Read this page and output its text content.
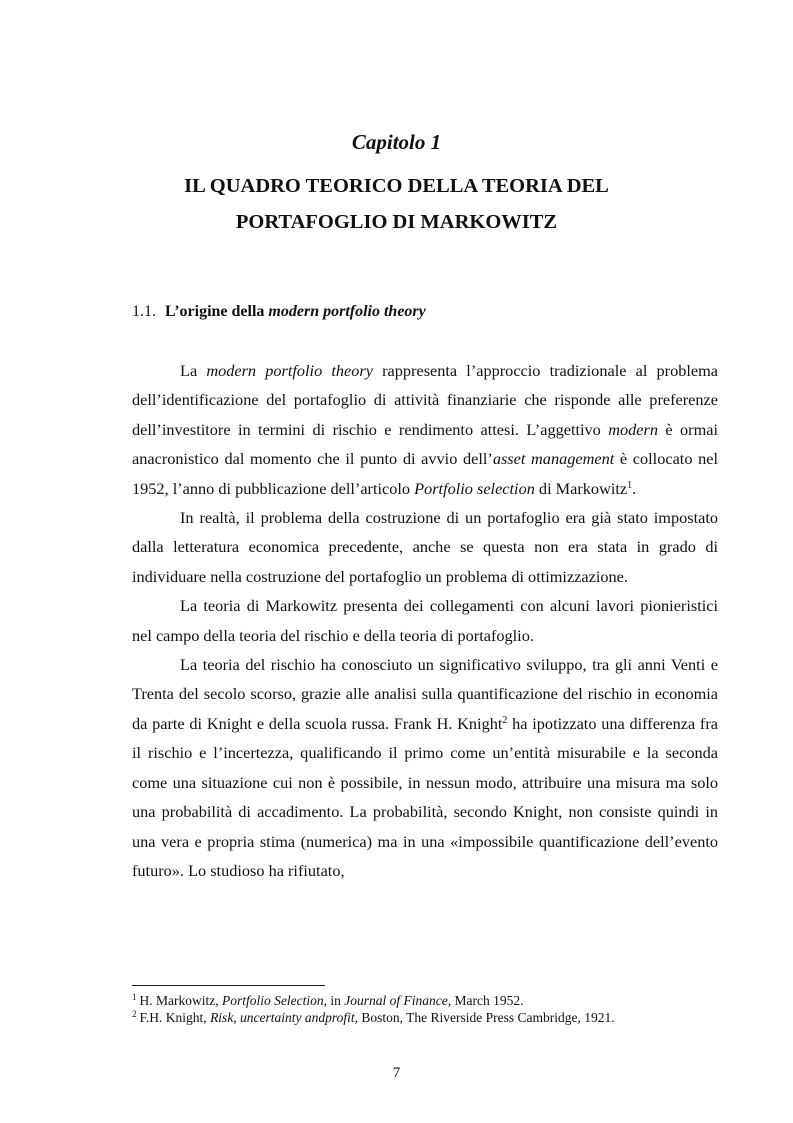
Capitolo 1
IL QUADRO TEORICO DELLA TEORIA DEL
PORTAFOGLIO DI MARKOWITZ
1.1. L’origine della modern portfolio theory

La modern portfolio theory rappresenta l’approccio tradizionale al problema dell’identificazione del portafoglio di attività finanziarie che risponde alle preferenze dell’investitore in termini di rischio e rendimento attesi. L’aggettivo modern è ormai anacronistico dal momento che il punto di avvio dell’asset management è collocato nel 1952, l’anno di pubblicazione dell’articolo Portfolio selection di Markowitz$^1$.

In realtà, il problema della costruzione di un portafoglio era già stato impostato dalla letteratura economica precedente, anche se questa non era stata in grado di individuare nella costruzione del portafoglio un problema di ottimizzazione.

La teoria di Markowitz presenta dei collegamenti con alcuni lavori pionieristici nel campo della teoria del rischio e della teoria di portafoglio.

La teoria del rischio ha conosciuto un significativo sviluppo, tra gli anni Venti e Trenta del secolo scorso, grazie alle analisi sulla quantificazione del rischio in economia da parte di Knight e della scuola russa. Frank H. Knight$^2$ ha ipotizzato una differenza fra il rischio e l’incertezza, qualificando il primo come un’entità misurabile e la seconda come una situazione cui non è possibile, in nessun modo, attribuire una misura ma solo una probabilità di accadimento. La probabilità, secondo Knight, non consiste quindi in una vera e propria stima (numerica) ma in una «impossibile quantificazione dell’evento futuro». Lo studioso ha rifiutato,

$^1$ H. Markowitz, Portfolio Selection, in Journal of Finance, March 1952.
$^2$ F.H. Knight, Risk, uncertainty andprofit, Boston, The Riverside Press Cambridge, 1921.
7
